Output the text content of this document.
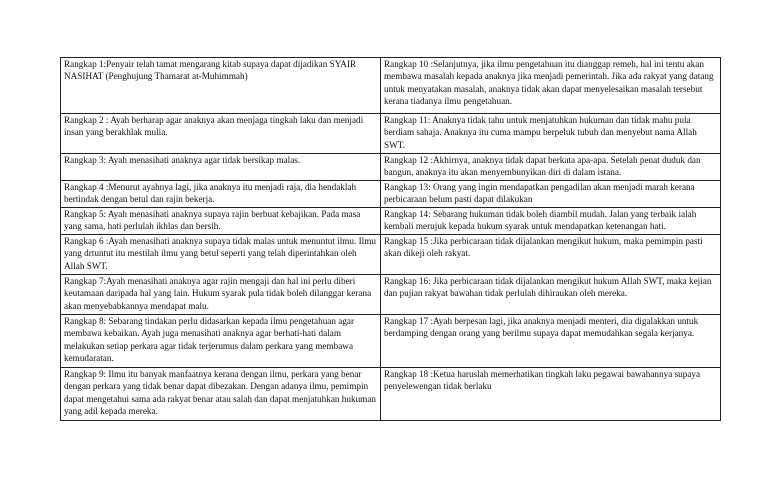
Rangkap 1:Penyair telah tamat mengarang kitab supaya dapat dijadikan SYAIR NASIHAT (Penghujung Thamarat at-Muhimmah)	Rangkap 10 :Selanjutnya, jika ilmu pengetahuan itu dianggap remeh, hal ini tentu akan membawa masalah kepada anaknya jika menjadi pemerintah. Jika ada rakyat yang datang untuk menyatakan masalah, anaknya tidak akan dapat menyelesaikan masalah tersebut kerana tiadanya ilmu pengetahuan.
Rangkap 2 : Ayah berharap agar anaknya akan menjaga tingkah laku dan menjadi insan yang berakhlak mulia.	Rangkap 11: Anaknya tidak tahu untuk menjatuhkan hukuman dan tidak mahu pula berdiam sahaja. Anaknya itu cuma mampu berpeluk tubuh dan menyebut nama Allah SWT.
Rangkap 3: Ayah menasihati anaknya agar tidak bersikap malas.	Rangkap 12 :Akhirnya, anaknya tidak dapat berkata apa-apa. Setelah penat duduk dan bangun, anaknya itu akan menyembunyikan diri di dalam istana.
Rangkap 4 :Menurut ayahnya lagi, jika anaknya itu menjadi raja, dia hendaklah bertindak dengan betul dan rajin bekerja.	Rangkap 13: Orang yang ingin mendapatkan pengadilan akan menjadi marah kerana perbicaraan belum pasti dapat dilakukan
Rangkap 5: Ayah menasihati anaknya supaya rajin berbuat kebajikan. Pada masa yang sama, hati perlulah ikhlas dan bersih.	Rangkap 14: Sebarang hukuman tidak boleh diambil mudah. Jalan yang terbaik ialah kembali merujuk kepada hukum syarak untuk mendapatkan ketenangan hati.
Rangkap 6 :Ayah menasihati anaknya supaya tidak malas untuk menuntut ilmu. Ilmu yang drtuntut itu mestilah ilmu yang betul seperti yang telah diperintahkan oleh Allah SWT.	Rangkap 15 :Jika perbicaraan tidak dijalankan mengikut hukum, maka pemimpin pasti akan dikeji oleh rakyat.
Rangkap 7:Ayah menasihati anaknya agar rajin mengaji dan hal ini perlu diberi keutamaan daripada hal yang lain. Hukum syarak pula tidak boleh dilanggar kerana akan menyebabkannya mendapat malu.	Rangkap 16: Jika perbicaraan tidak dijalankan mengikut hukum Allah SWT, maka kejian dan pujian rakyat bawahan tidak perlulah dihiraukan oleh mereka.
Rangkap 8: Sebarang tindakan perlu didasarkan kepada ilmu pengetahuan agar membawa kebaikan. Ayah juga menasihati anaknya agar berhati-hati dalam melakukan setiap perkara agar tidak terjerumus dalam perkara yang membawa kemudaratan.	Rangkap 17 :Ayah berpesan lagi, jika anaknya menjadi menteri, dia digalakkan untuk berdamping dengan orang yang berilmu supaya dapat memudahkan segala kerjanya.
Rangkap 9: Ilmu itu banyak manfaatnya kerana dengan ilmu, perkara yang benar dengan perkara yang tidak benar dapat dibezakan. Dengan adanya ilmu, pemimpin dapat mengetahui sama ada rakyat benar atau salah dan dapat menjatuhkan hukuman yang adil kepada mereka.	Rangkap 18 :Ketua haruslah memerhatikan tingkah laku pegawai bawahannya supaya penyelewengan tidak berlaku
